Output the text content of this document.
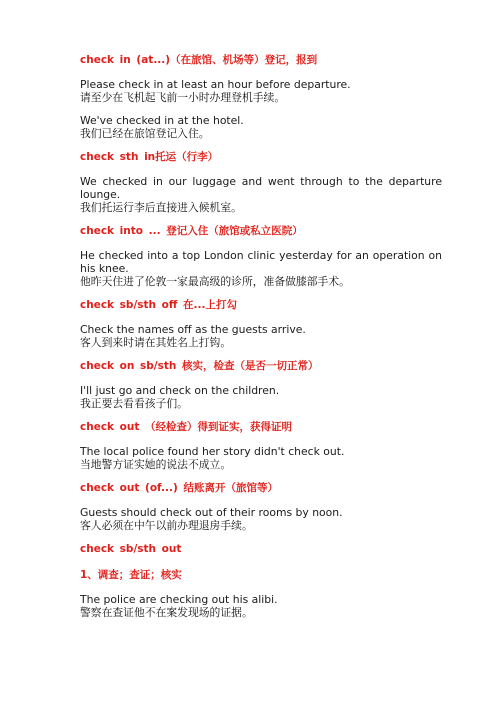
check in (at...)（在旅馆、机场等）登记，报到

Please check in at least an hour before departure.

请至少在飞机起飞前一小时办理登机手续。

We've checked in at the hotel.

我们已经在旅馆登记入住。

check sth in托运（行李）

We checked in our luggage and went through to the departure lounge.

我们托运行李后直接进入候机室。

check into ... 登记入住（旅馆或私立医院）

He checked into a top London clinic yesterday for an operation on his knee.

他昨天住进了伦敦一家最高级的诊所，准备做膝部手术。

check sb/sth off 在...上打勾

Check the names off as the guests arrive.

客人到来时请在其姓名上打钩。

check on sb/sth 核实，检查（是否一切正常）

I'll just go and check on the children.

我正要去看看孩子们。

check out （经检查）得到证实，获得证明

The local police found her story didn't check out.

当地警方证实她的说法不成立。

check out (of...) 结账离开（旅馆等）

Guests should check out of their rooms by noon.

客人必须在中午以前办理退房手续。

check sb/sth out

1、调查；查证；核实

The police are checking out his alibi.

警察在查证他不在案发现场的证据。
